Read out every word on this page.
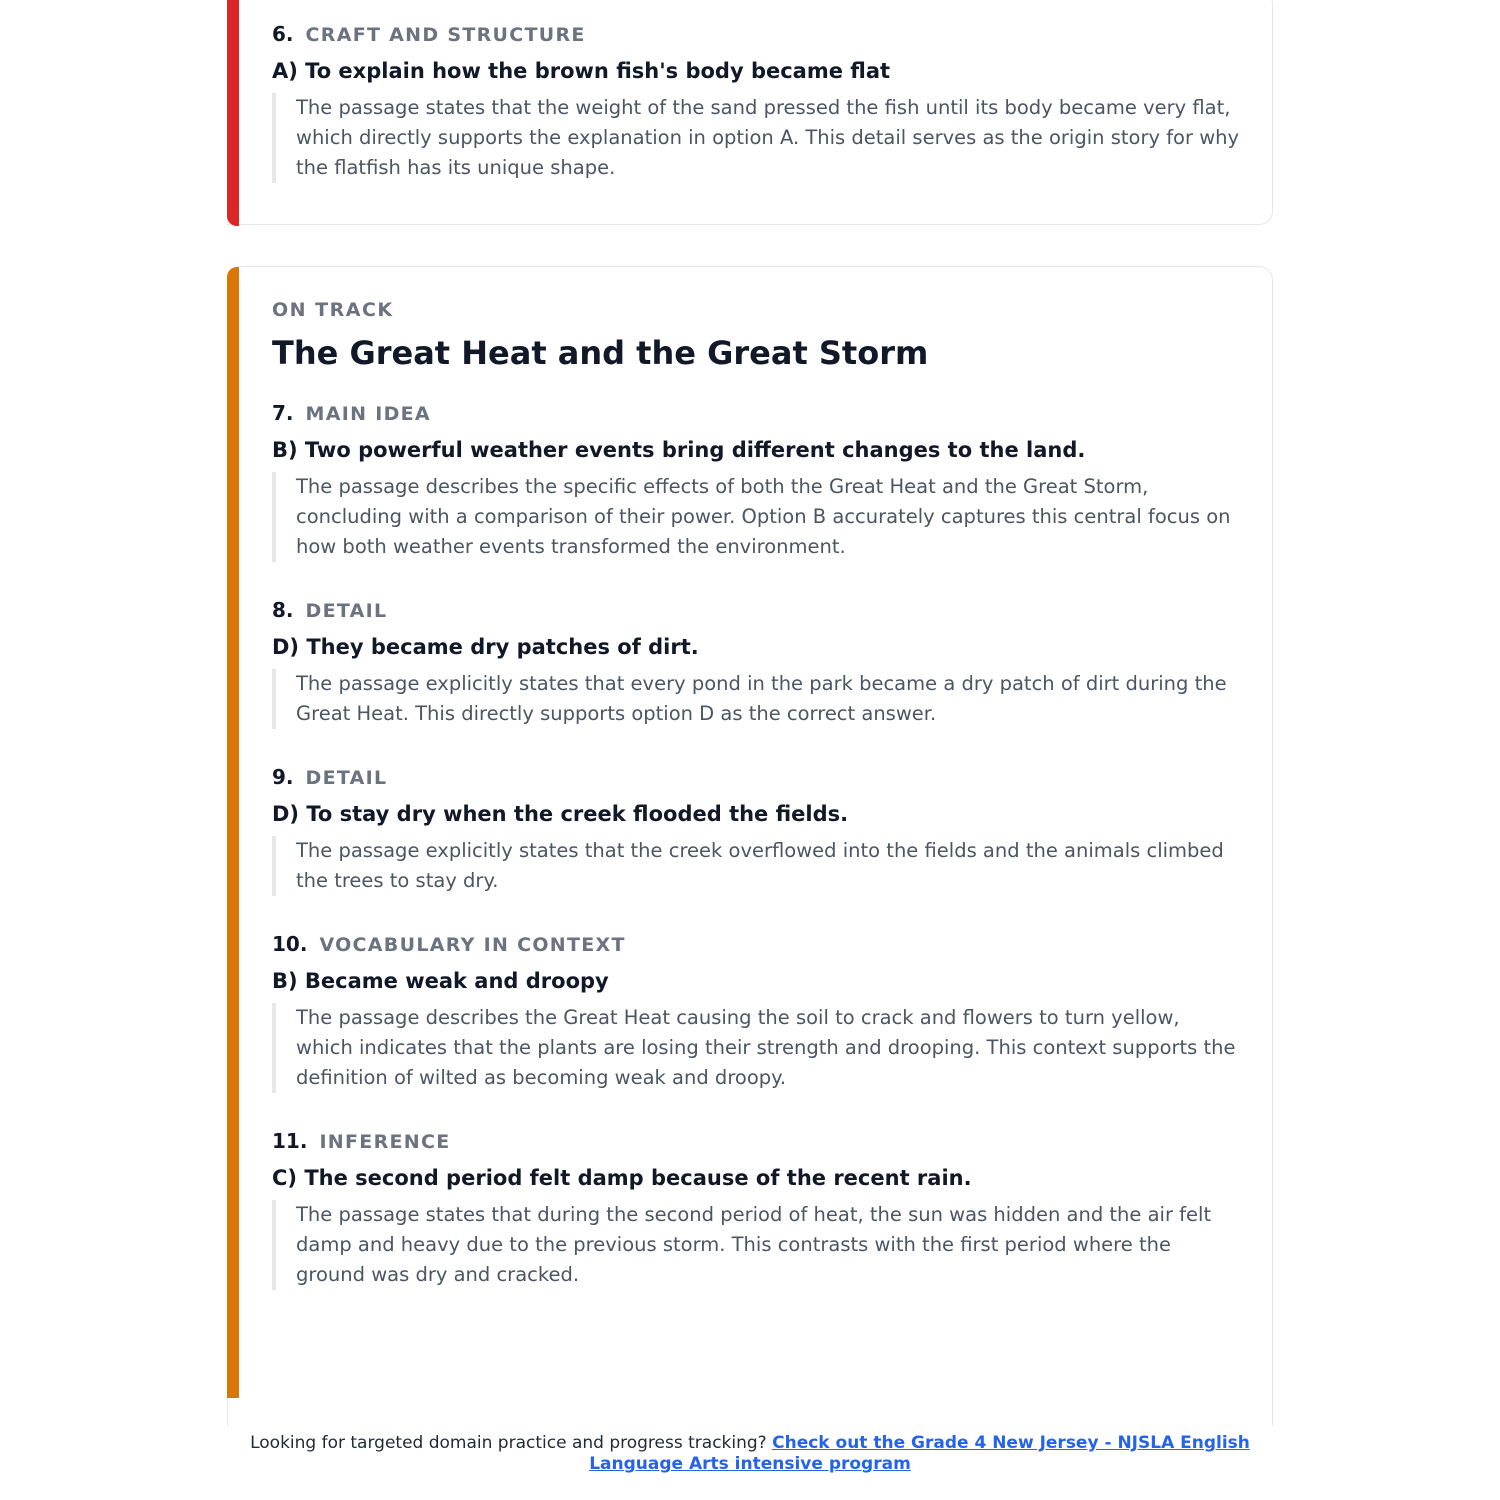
6. CRAFT AND STRUCTURE
A) To explain how the brown fish's body became flat
The passage states that the weight of the sand pressed the fish until its body became very flat, which directly supports the explanation in option A. This detail serves as the origin story for why the flatfish has its unique shape.
ON TRACK
The Great Heat and the Great Storm
7. MAIN IDEA
B) Two powerful weather events bring different changes to the land.
The passage describes the specific effects of both the Great Heat and the Great Storm, concluding with a comparison of their power. Option B accurately captures this central focus on how both weather events transformed the environment.
8. DETAIL
D) They became dry patches of dirt.
The passage explicitly states that every pond in the park became a dry patch of dirt during the Great Heat. This directly supports option D as the correct answer.
9. DETAIL
D) To stay dry when the creek flooded the fields.
The passage explicitly states that the creek overflowed into the fields and the animals climbed the trees to stay dry.
10. VOCABULARY IN CONTEXT
B) Became weak and droopy
The passage describes the Great Heat causing the soil to crack and flowers to turn yellow, which indicates that the plants are losing their strength and drooping. This context supports the definition of wilted as becoming weak and droopy.
11. INFERENCE
C) The second period felt damp because of the recent rain.
The passage states that during the second period of heat, the sun was hidden and the air felt damp and heavy due to the previous storm. This contrasts with the first period where the ground was dry and cracked.
Looking for targeted domain practice and progress tracking? Check out the Grade 4 New Jersey - NJSLA English Language Arts intensive program
